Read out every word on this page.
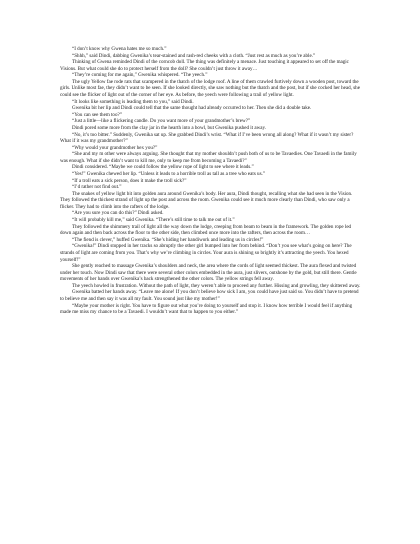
“I don’t know why Gwena hates me so much.”

“Shhh,” said Dindi, dabbing Gwenika’s tear-stained and rash-red cheeks with a cloth. “Just rest as much as you’re able.”

Thinking of Gwena reminded Dindi of the corncob doll. The thing was definitely a menace. Just touching it appeared to set off the magic Visions. But what could she do to protect herself from the doll? She couldn’t just throw it away…

“They’re coming for me again,” Gwenika whispered. “The yeech.”

The ugly Yellow fae rode rats that scampered in the thatch of the lodge roof. A line of them crawled furtively down a wooden post, toward the girls. Unlike most fae, they didn’t want to be seen. If she looked directly, she saw nothing but the thatch and the post, but if she cocked her head, she could see the flicker of light out of the corner of her eye. As before, the yeech were following a trail of yellow light.

“It looks like something is leading them to you,” said Dindi.

Gwenika bit her lip and Dindi could tell that the same thought had already occurred to her. Then she did a double take.

“You can see them too?”

“Just a little—like a flickering candle. Do you want more of your grandmother’s brew?”

Dindi pored some more from the clay jar in the hearth into a bowl, but Gwenika pushed it away.

“No, it’s too bitter.” Suddenly, Gwenika sat up. She grabbed Dindi’s wrist. “What if I’ve been wrong all along? What if it wasn’t my sister? What if it was my grandmother?”

“Why would your grandmother hex you?”

“She and my m other were always arguing. She thought that my mother shouldn’t push both of us to be Tavaedies. One Tavaedi in the family was enough. What if she didn’t want to kill me, only to keep me from becoming a Tavaedi?”

Dindi considered. “Maybe we could follow the yellow rope of light to see where it leads.”

“Yes!” Gwenika chewed her lip. “Unless it leads to a horrible troll as tall as a tree who eats us.”

“If a troll eats a sick person, does it make the troll sick?”

“I’d rather not find out.”

The snakes of yellow light bit into golden aura around Gwenika’s body. Her aura, Dindi thought, recalling what she had seen in the Vision. They followed the thickest strand of light up the post and across the room. Gwenika could see it much more clearly than Dindi, who saw only a flicker. They had to climb into the rafters of the lodge.

“Are you sure you can do this?” Dindi asked.

“It will probably kill me,” said Gwenika. “There’s still time to talk me out of it.”

They followed the shimmery trail of light all the way down the lodge, creeping from beam to beam in the framework. The golden rope led down again and then back across the floor to the other side, then climbed once more into the rafters, then across the room…

“The fiend is clever,” huffed Gwenika. “She’s hiding her handiwork and leading us in circles!”

“Gwenika!” Dindi stopped in her tracks so abruptly the other girl bumped into her from behind. “Don’t you see what’s going on here? The strands of light are coming from you. That’s why we’re climbing in circles. Your aura is shining so brightly it’s attracting the yeech. You hexed yourself!”

She gently reached to massage Gwenika’s shoulders and neck, the area where the cords of light seemed thickest. The aura flexed and twisted under her touch. Now Dindi saw that there were several other colors embedded in the aura, just slivers, outshone by the gold, but still there. Gentle movements of her hands over Gwenika’s back strengthened the other colors. The yellow strings fell away.

The yeech howled in frustration. Without the path of light, they weren’t able to proceed any further. Hissing and growling, they skittered away.

Gwenika batted her hands away. “Leave me alone! If you don’t believe how sick I am, you could have just said so. You didn’t have to pretend to believe me and then say it was all my fault. You sound just like my mother!”

“Maybe your mother is right. You have to figure out what you’re doing to yourself and stop it. I know how terrible I would feel if anything made me miss my chance to be a Tavaedi. I wouldn’t want that to happen to you either.”
